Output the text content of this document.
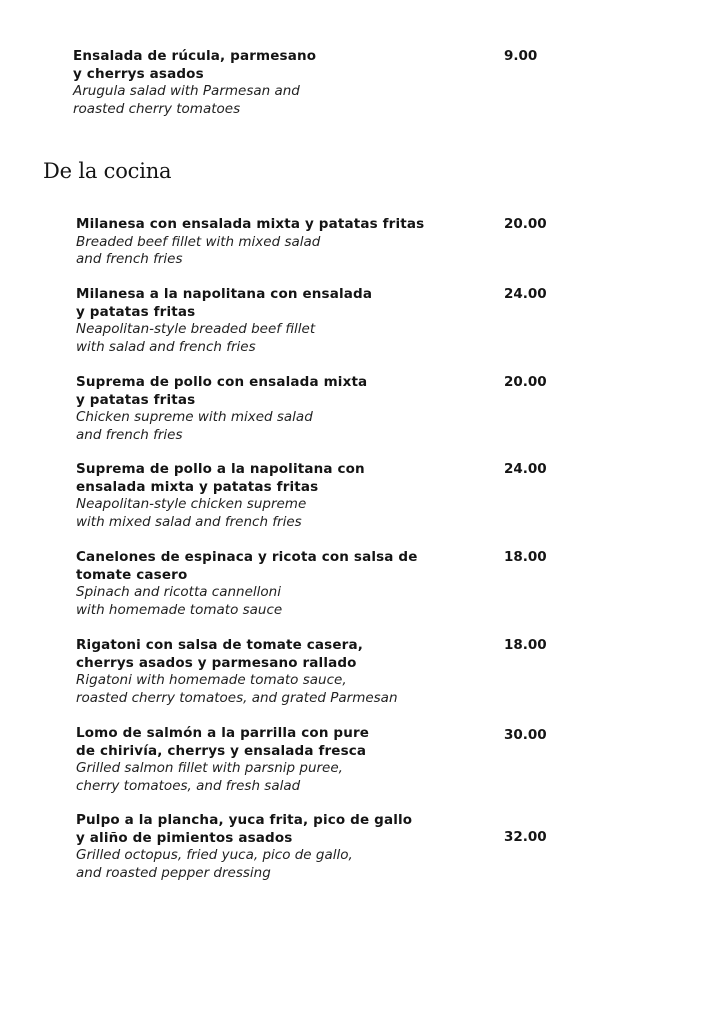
Ensalada de rúcula, parmesano
y cherrys asados
Arugula salad with Parmesan and
roasted cherry tomatoes
9.00
De la cocina
Milanesa con ensalada mixta y patatas fritas
Breaded beef fillet with mixed salad
and french fries
20.00
Milanesa a la napolitana con ensalada
y patatas fritas
Neapolitan-style breaded beef fillet
with salad and french fries
24.00
Suprema de pollo con ensalada mixta
y patatas fritas
Chicken supreme with mixed salad
and french fries
20.00
Suprema de pollo a la napolitana con
ensalada mixta y patatas fritas
Neapolitan-style chicken supreme
with mixed salad and french fries
24.00
Canelones de espinaca y ricota con salsa de
tomate casero
Spinach and ricotta cannelloni
with homemade tomato sauce
18.00
Rigatoni con salsa de tomate casera,
cherrys asados y parmesano rallado
Rigatoni with homemade tomato sauce,
roasted cherry tomatoes, and grated Parmesan
18.00
Lomo de salmón a la parrilla con pure
de chirivía, cherrys y ensalada fresca
Grilled salmon fillet with parsnip puree,
cherry tomatoes, and fresh salad
30.00
Pulpo a la plancha, yuca frita, pico de gallo
y aliño de pimientos asados
Grilled octopus, fried yuca, pico de gallo,
and roasted pepper dressing
32.00
